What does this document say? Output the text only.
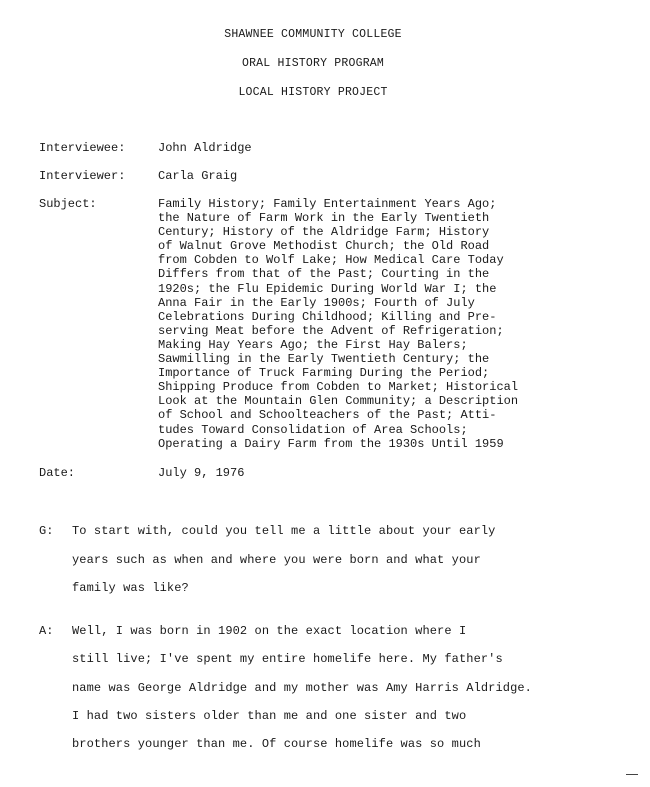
SHAWNEE COMMUNITY COLLEGE
ORAL HISTORY PROGRAM
LOCAL HISTORY PROJECT
Interviewee:	John Aldridge
Interviewer:	Carla Graig
Subject:	Family History; Family Entertainment Years Ago;
the Nature of Farm Work in the Early Twentieth
Century; History of the Aldridge Farm; History
of Walnut Grove Methodist Church; the Old Road
from Cobden to Wolf Lake; How Medical Care Today
Differs from that of the Past; Courting in the
1920s; the Flu Epidemic During World War I; the
Anna Fair in the Early 1900s; Fourth of July
Celebrations During Childhood; Killing and Pre-
serving Meat before the Advent of Refrigeration;
Making Hay Years Ago; the First Hay Balers;
Sawmilling in the Early Twentieth Century; the
Importance of Truck Farming During the Period;
Shipping Produce from Cobden to Market; Historical
Look at the Mountain Glen Community; a Description
of School and Schoolteachers of the Past; Atti-
tudes Toward Consolidation of Area Schools;
Operating a Dairy Farm from the 1930s Until 1959
Date:	July 9, 1976
G: To start with, could you tell me a little about your early
years such as when and where you were born and what your
family was like?
A: Well, I was born in 1902 on the exact location where I
still live; I've spent my entire homelife here. My father's
name was George Aldridge and my mother was Amy Harris Aldridge.
I had two sisters older than me and one sister and two
brothers younger than me. Of course homelife was so much
